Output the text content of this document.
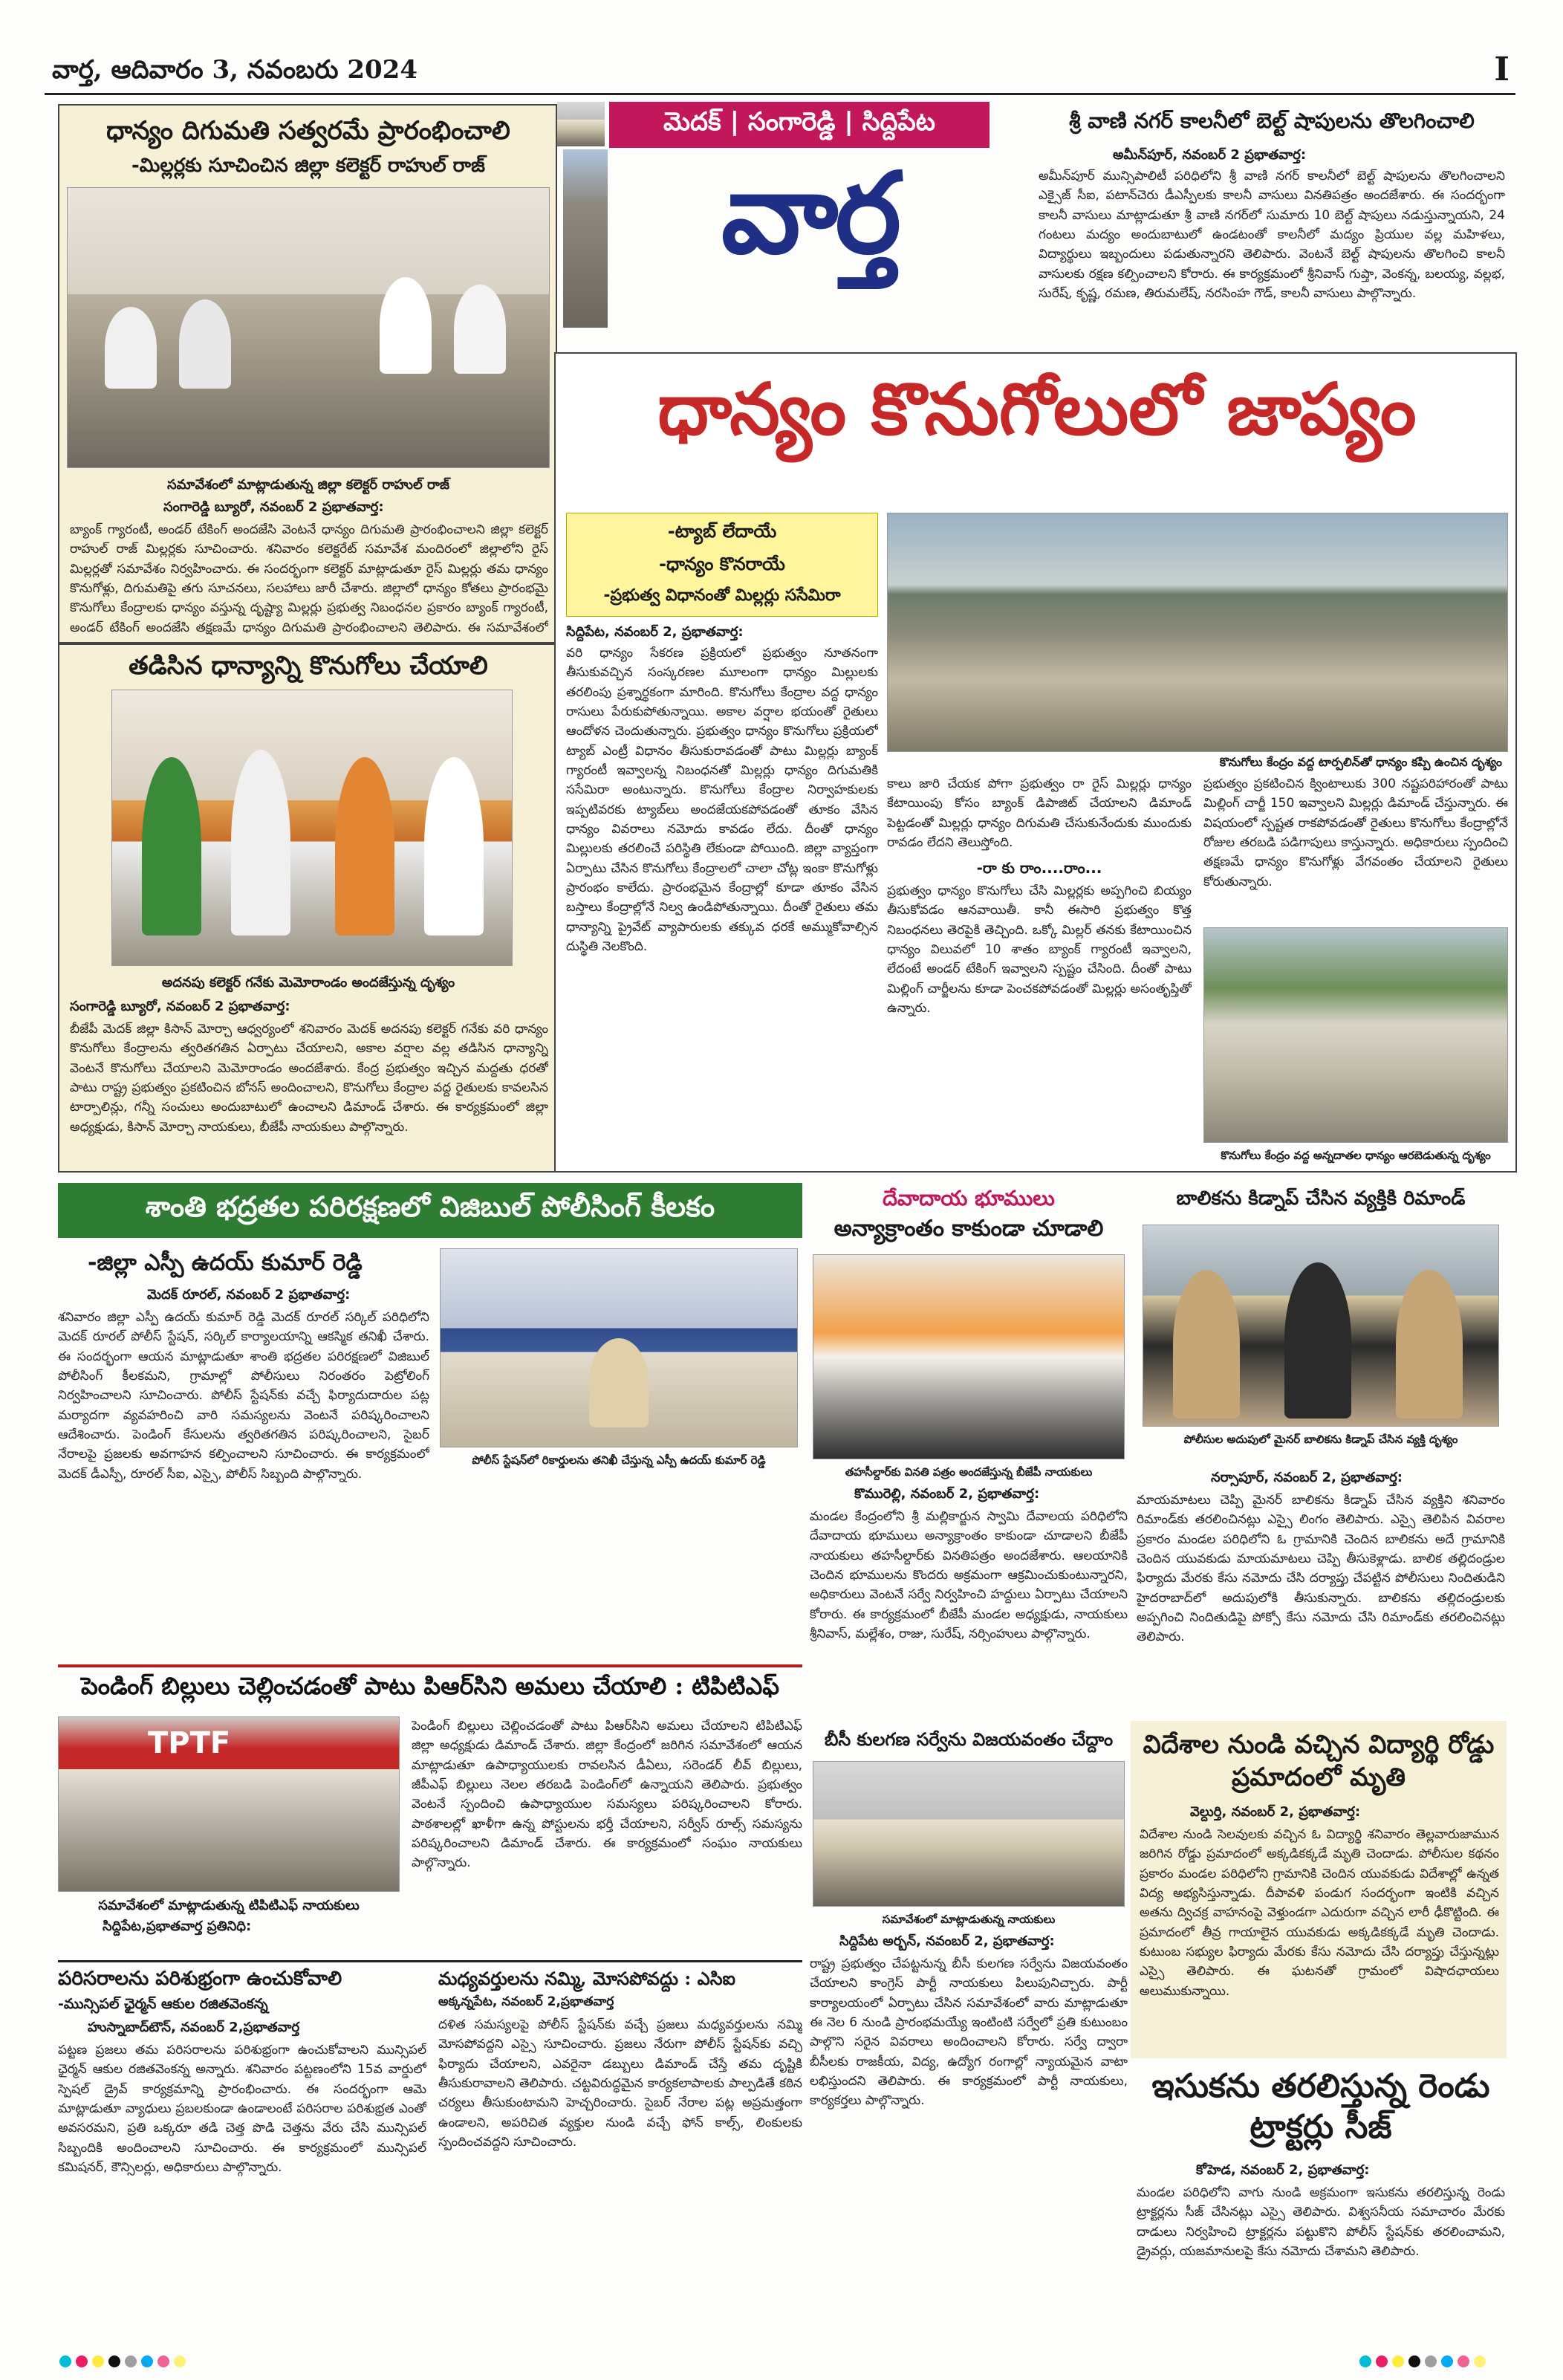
వార్త, ఆదివారం 3, నవంబరు 2024	I
ధాన్యం దిగుమతి సత్వరమే ప్రారంభించాలి
-మిల్లర్లకు సూచించిన జిల్లా కలెక్టర్ రాహుల్ రాజ్
సమావేశంలో మాట్లాడుతున్న జిల్లా కలెక్టర్ రాహుల్ రాజ్
సంగారెడ్డి బ్యూరో, నవంబర్ 2 ప్రభాతవార్త:
బ్యాంక్ గ్యారంటీ, అండర్ టేకింగ్ అందజేసి వెంటనే ధాన్యం దిగుమతి ప్రారంభించాలని జిల్లా కలెక్టర్ రాహుల్ రాజ్ మిల్లర్లకు సూచించారు. శనివారం కలెక్టరేట్ సమావేశ మందిరంలో జిల్లాలోని రైస్ మిల్లర్లతో సమావేశం నిర్వహించారు. ఈ సందర్భంగా కలెక్టర్ మాట్లాడుతూ రైస్ మిల్లర్లు తమ ధాన్యం కొనుగోళ్లు, దిగుమతిపై తగు సూచనలు, సలహాలు జారీ చేశారు. జిల్లాలో ధాన్యం కోతలు ప్రారంభమై కొనుగోలు కేంద్రాలకు ధాన్యం వస్తున్న దృష్ట్యా మిల్లర్లు ప్రభుత్వ నిబంధనల ప్రకారం బ్యాంక్ గ్యారంటీ, అండర్ టేకింగ్ అందజేసి తక్షణమే ధాన్యం దిగుమతి ప్రారంభించాలని తెలిపారు. ఈ సమావేశంలో
తడిసిన ధాన్యాన్ని కొనుగోలు చేయాలి
అదనపు కలెక్టర్ గనేకు మెమోరాండం అందజేస్తున్న దృశ్యం
సంగారెడ్డి బ్యూరో, నవంబర్ 2 ప్రభాతవార్త:
బీజేపీ మెదక్ జిల్లా కిసాన్ మోర్చా ఆధ్వర్యంలో శనివారం మెదక్ అదనపు కలెక్టర్ గనేకు వరి ధాన్యం కొనుగోలు కేంద్రాలను త్వరితగతిన ఏర్పాటు చేయాలని, అకాల వర్షాల వల్ల తడిసిన ధాన్యాన్ని వెంటనే కొనుగోలు చేయాలని మెమోరాండం అందజేశారు. కేంద్ర ప్రభుత్వం ఇచ్చిన మద్దతు ధరతో పాటు రాష్ట్ర ప్రభుత్వం ప్రకటించిన బోనస్ అందించాలని, కొనుగోలు కేంద్రాల వద్ద రైతులకు కావలసిన టార్పాలిన్లు, గన్నీ సంచులు అందుబాటులో ఉంచాలని డిమాండ్ చేశారు. ఈ కార్యక్రమంలో జిల్లా అధ్యక్షుడు, కిసాన్ మోర్చా నాయకులు, బీజేపీ నాయకులు పాల్గొన్నారు.
మెదక్ | సంగారెడ్డి | సిద్దిపేట
వార్త
శ్రీ వాణి నగర్ కాలనీలో బెల్ట్ షాపులను తొలగించాలి
అమీన్‌పూర్, నవంబర్ 2 ప్రభాతవార్త:
అమీన్‌పూర్ మున్సిపాలిటీ పరిధిలోని శ్రీ వాణి నగర్ కాలనీలో బెల్ట్ షాపులను తొలగించాలని ఎక్సైజ్ సీఐ, పటాన్‌చెరు డీఎస్పీలకు కాలనీ వాసులు వినతిపత్రం అందజేశారు. ఈ సందర్భంగా కాలనీ వాసులు మాట్లాడుతూ శ్రీ వాణి నగర్‌లో సుమారు 10 బెల్ట్ షాపులు నడుస్తున్నాయని, 24 గంటలు మద్యం అందుబాటులో ఉండటంతో కాలనీలో మద్యం ప్రియుల వల్ల మహిళలు, విద్యార్థులు ఇబ్బందులు పడుతున్నారని తెలిపారు. వెంటనే బెల్ట్ షాపులను తొలగించి కాలనీ వాసులకు రక్షణ కల్పించాలని కోరారు. ఈ కార్యక్రమంలో శ్రీనివాస్ గుప్తా, వెంకన్న, బలయ్య, వల్లభ, సురేష్, కృష్ణ, రమణ, తిరుమలేష్, నరసింహ గౌడ్, కాలనీ వాసులు పాల్గొన్నారు.
ధాన్యం కొనుగోలులో జాప్యం
-ట్యాబ్ లేదాయే
-ధాన్యం కొనరాయే
-ప్రభుత్వ విధానంతో మిల్లర్లు ససేమిరా
సిద్దిపేట, నవంబర్ 2, ప్రభాతవార్త:
వరి ధాన్యం సేకరణ ప్రక్రియలో ప్రభుత్వం నూతనంగా తీసుకువచ్చిన సంస్కరణల మూలంగా ధాన్యం మిల్లులకు తరలింపు ప్రశ్నార్థకంగా మారింది. కొనుగోలు కేంద్రాల వద్ద ధాన్యం రాసులు పేరుకుపోతున్నాయి. అకాల వర్షాల భయంతో రైతులు ఆందోళన చెందుతున్నారు. ప్రభుత్వం ధాన్యం కొనుగోలు ప్రక్రియలో ట్యాబ్ ఎంట్రీ విధానం తీసుకురావడంతో పాటు మిల్లర్లు బ్యాంక్ గ్యారంటీ ఇవ్వాలన్న నిబంధనతో మిల్లర్లు ధాన్యం దిగుమతికి ససేమిరా అంటున్నారు. కొనుగోలు కేంద్రాల నిర్వాహకులకు ఇప్పటివరకు ట్యాబ్‌లు అందజేయకపోవడంతో తూకం వేసిన ధాన్యం వివరాలు నమోదు కావడం లేదు. దీంతో ధాన్యం మిల్లులకు తరలించే పరిస్థితి లేకుండా పోయింది. జిల్లా వ్యాప్తంగా ఏర్పాటు చేసిన కొనుగోలు కేంద్రాలలో చాలా చోట్ల ఇంకా కొనుగోళ్లు ప్రారంభం కాలేదు. ప్రారంభమైన కేంద్రాల్లో కూడా తూకం వేసిన బస్తాలు కేంద్రాల్లోనే నిల్వ ఉండిపోతున్నాయి. దీంతో రైతులు తమ ధాన్యాన్ని ప్రైవేట్ వ్యాపారులకు తక్కువ ధరకే అమ్ముకోవాల్సిన దుస్థితి నెలకొంది.
కొనుగోలు కేంద్రం వద్ద టార్పలిన్‌తో ధాన్యం కప్పి ఉంచిన దృశ్యం
కాలు జారి చేయక పోగా ప్రభుత్వం రా రైస్ మిల్లర్లు ధాన్యం కేటాయింపు కోసం బ్యాంక్ డిపాజిట్ చేయాలని డిమాండ్ పెట్టడంతో మిల్లర్లు ధాన్యం దిగుమతి చేసుకునేందుకు ముందుకు రావడం లేదని తెలుస్తోంది.
-రా కు రాం....రాం...
ప్రభుత్వం ధాన్యం కొనుగోలు చేసి మిల్లర్లకు అప్పగించి బియ్యం తీసుకోవడం ఆనవాయితీ. కానీ ఈసారి ప్రభుత్వం కొత్త నిబంధనలు తెరపైకి తెచ్చింది. ఒక్కో మిల్లర్ తనకు కేటాయించిన ధాన్యం విలువలో 10 శాతం బ్యాంక్ గ్యారంటీ ఇవ్వాలని, లేదంటే అండర్ టేకింగ్ ఇవ్వాలని స్పష్టం చేసింది. దీంతో పాటు మిల్లింగ్ చార్జీలను కూడా పెంచకపోవడంతో మిల్లర్లు అసంతృప్తితో ఉన్నారు.
ప్రభుత్వం ప్రకటించిన క్వింటాలుకు 300 నష్టపరిహారంతో పాటు మిల్లింగ్ చార్జీ 150 ఇవ్వాలని మిల్లర్లు డిమాండ్ చేస్తున్నారు. ఈ విషయంలో స్పష్టత రాకపోవడంతో రైతులు కొనుగోలు కేంద్రాల్లోనే రోజుల తరబడి పడిగాపులు కాస్తున్నారు. అధికారులు స్పందించి తక్షణమే ధాన్యం కొనుగోళ్లు వేగవంతం చేయాలని రైతులు కోరుతున్నారు.
కొనుగోలు కేంద్రం వద్ద అన్నదాతల ధాన్యం ఆరబెడుతున్న దృశ్యం
శాంతి భద్రతల పరిరక్షణలో విజిబుల్ పోలీసింగ్ కీలకం
-జిల్లా ఎస్పీ ఉదయ్ కుమార్ రెడ్డి
మెదక్ రూరల్, నవంబర్ 2 ప్రభాతవార్త:
శనివారం జిల్లా ఎస్పీ ఉదయ్ కుమార్ రెడ్డి మెదక్ రూరల్ సర్కిల్ పరిధిలోని మెదక్ రూరల్ పోలీస్ స్టేషన్, సర్కిల్ కార్యాలయాన్ని ఆకస్మిక తనిఖీ చేశారు. ఈ సందర్భంగా ఆయన మాట్లాడుతూ శాంతి భద్రతల పరిరక్షణలో విజిబుల్ పోలీసింగ్ కీలకమని, గ్రామాల్లో పోలీసులు నిరంతరం పెట్రోలింగ్ నిర్వహించాలని సూచించారు. పోలీస్ స్టేషన్‌కు వచ్చే ఫిర్యాదుదారుల పట్ల మర్యాదగా వ్యవహరించి వారి సమస్యలను వెంటనే పరిష్కరించాలని ఆదేశించారు. పెండింగ్ కేసులను త్వరితగతిన పరిష్కరించాలని, సైబర్ నేరాలపై ప్రజలకు అవగాహన కల్పించాలని సూచించారు. ఈ కార్యక్రమంలో మెదక్ డీఎస్పీ, రూరల్ సీఐ, ఎస్సై, పోలీస్ సిబ్బంది పాల్గొన్నారు.
పోలీస్ స్టేషన్‌లో రికార్డులను తనిఖీ చేస్తున్న ఎస్పీ ఉదయ్ కుమార్ రెడ్డి
పెండింగ్ బిల్లులు చెల్లించడంతో పాటు పిఆర్‌సిని అమలు చేయాలి : టిపిటిఎఫ్
TPTF
సమావేశంలో మాట్లాడుతున్న టిపిటిఎఫ్ నాయకులు
సిద్దిపేట,ప్రభాతవార్త ప్రతినిధి:
పెండింగ్ బిల్లులు చెల్లించడంతో పాటు పిఆర్‌సిని అమలు చేయాలని టిపిటిఎఫ్ జిల్లా అధ్యక్షుడు డిమాండ్ చేశారు. జిల్లా కేంద్రంలో జరిగిన సమావేశంలో ఆయన మాట్లాడుతూ ఉపాధ్యాయులకు రావలసిన డీఏలు, సరెండర్ లీవ్ బిల్లులు, జీపీఎఫ్ బిల్లులు నెలల తరబడి పెండింగ్‌లో ఉన్నాయని తెలిపారు. ప్రభుత్వం వెంటనే స్పందించి ఉపాధ్యాయుల సమస్యలు పరిష్కరించాలని కోరారు. పాఠశాలల్లో ఖాళీగా ఉన్న పోస్టులను భర్తీ చేయాలని, సర్వీస్ రూల్స్ సమస్యను పరిష్కరించాలని డిమాండ్ చేశారు. ఈ కార్యక్రమంలో సంఘం నాయకులు పాల్గొన్నారు.
పరిసరాలను పరిశుభ్రంగా ఉంచుకోవాలి
-మున్సిపల్ ఛైర్మన్ ఆకుల రజితవెంకన్న
హుస్నాబాద్‌టౌన్, నవంబర్ 2,ప్రభాతవార్త
పట్టణ ప్రజలు తమ పరిసరాలను పరిశుభ్రంగా ఉంచుకోవాలని మున్సిపల్ ఛైర్మన్ ఆకుల రజితవెంకన్న అన్నారు. శనివారం పట్టణంలోని 15వ వార్డులో స్పెషల్ డ్రైవ్ కార్యక్రమాన్ని ప్రారంభించారు. ఈ సందర్భంగా ఆమె మాట్లాడుతూ వ్యాధులు ప్రబలకుండా ఉండాలంటే పరిసరాల పరిశుభ్రత ఎంతో అవసరమని, ప్రతి ఒక్కరూ తడి చెత్త పొడి చెత్తను వేరు చేసి మున్సిపల్ సిబ్బందికి అందించాలని సూచించారు. ఈ కార్యక్రమంలో మున్సిపల్ కమిషనర్, కౌన్సిలర్లు, అధికారులు పాల్గొన్నారు.
మధ్యవర్తులను నమ్మి, మోసపోవద్దు : ఎసిఐ
అక్కన్నపేట, నవంబర్ 2,ప్రభాతవార్త
దళిత సమస్యలపై పోలీస్ స్టేషన్‌కు వచ్చే ప్రజలు మధ్యవర్తులను నమ్మి మోసపోవద్దని ఎస్సై సూచించారు. ప్రజలు నేరుగా పోలీస్ స్టేషన్‌కు వచ్చి ఫిర్యాదు చేయాలని, ఎవరైనా డబ్బులు డిమాండ్ చేస్తే తమ దృష్టికి తీసుకురావాలని తెలిపారు. చట్టవిరుద్ధమైన కార్యకలాపాలకు పాల్పడితే కఠిన చర్యలు తీసుకుంటామని హెచ్చరించారు. సైబర్ నేరాల పట్ల అప్రమత్తంగా ఉండాలని, అపరిచిత వ్యక్తుల నుండి వచ్చే ఫోన్ కాల్స్, లింకులకు స్పందించవద్దని సూచించారు.
దేవాదాయ భూములు
అన్యాక్రాంతం కాకుండా చూడాలి
తహసీల్దార్‌కు వినతి పత్రం అందజేస్తున్న బీజేపీ నాయకులు
కొమురెల్లి, నవంబర్ 2, ప్రభాతవార్త:
మండల కేంద్రంలోని శ్రీ మల్లికార్జున స్వామి దేవాలయ పరిధిలోని దేవాదాయ భూములు అన్యాక్రాంతం కాకుండా చూడాలని బీజేపీ నాయకులు తహసీల్దార్‌కు వినతిపత్రం అందజేశారు. ఆలయానికి చెందిన భూములను కొందరు అక్రమంగా ఆక్రమించుకుంటున్నారని, అధికారులు వెంటనే సర్వే నిర్వహించి హద్దులు ఏర్పాటు చేయాలని కోరారు. ఈ కార్యక్రమంలో బీజేపీ మండల అధ్యక్షుడు, నాయకులు శ్రీనివాస్, మల్లేశం, రాజు, సురేష్, నర్సింహులు పాల్గొన్నారు.
బీసీ కులగణ సర్వేను విజయవంతం చేద్దాం
సమావేశంలో మాట్లాడుతున్న నాయకులు
సిద్దిపేట అర్బన్, నవంబర్ 2, ప్రభాతవార్త:
రాష్ట్ర ప్రభుత్వం చేపట్టనున్న బీసీ కులగణ సర్వేను విజయవంతం చేయాలని కాంగ్రెస్ పార్టీ నాయకులు పిలుపునిచ్చారు. పార్టీ కార్యాలయంలో ఏర్పాటు చేసిన సమావేశంలో వారు మాట్లాడుతూ ఈ నెల 6 నుండి ప్రారంభమయ్యే ఇంటింటి సర్వేలో ప్రతి కుటుంబం పాల్గొని సరైన వివరాలు అందించాలని కోరారు. సర్వే ద్వారా బీసీలకు రాజకీయ, విద్య, ఉద్యోగ రంగాల్లో న్యాయమైన వాటా లభిస్తుందని తెలిపారు. ఈ కార్యక్రమంలో పార్టీ నాయకులు, కార్యకర్తలు పాల్గొన్నారు.
బాలికను కిడ్నాప్ చేసిన వ్యక్తికి రిమాండ్
పోలీసుల అదుపులో మైనర్ బాలికను కిడ్నాప్ చేసిన వ్యక్తి దృశ్యం
నర్సాపూర్, నవంబర్ 2, ప్రభాతవార్త:
మాయమాటలు చెప్పి మైనర్ బాలికను కిడ్నాప్ చేసిన వ్యక్తిని శనివారం రిమాండ్‌కు తరలించినట్లు ఎస్సై లింగం తెలిపారు. ఎస్సై తెలిపిన వివరాల ప్రకారం మండల పరిధిలోని ఓ గ్రామానికి చెందిన బాలికను అదే గ్రామానికి చెందిన యువకుడు మాయమాటలు చెప్పి తీసుకెళ్లాడు. బాలిక తల్లిదండ్రుల ఫిర్యాదు మేరకు కేసు నమోదు చేసి దర్యాప్తు చేపట్టిన పోలీసులు నిందితుడిని హైదరాబాద్‌లో అదుపులోకి తీసుకున్నారు. బాలికను తల్లిదండ్రులకు అప్పగించి నిందితుడిపై పోక్సో కేసు నమోదు చేసి రిమాండ్‌కు తరలించినట్లు తెలిపారు.
విదేశాల నుండి వచ్చిన విద్యార్థి రోడ్డు ప్రమాదంలో మృతి
వెల్దుర్తి, నవంబర్ 2, ప్రభాతవార్త:
విదేశాల నుండి సెలవులకు వచ్చిన ఓ విద్యార్థి శనివారం తెల్లవారుజామున జరిగిన రోడ్డు ప్రమాదంలో అక్కడికక్కడే మృతి చెందాడు. పోలీసుల కథనం ప్రకారం మండల పరిధిలోని గ్రామానికి చెందిన యువకుడు విదేశాల్లో ఉన్నత విద్య అభ్యసిస్తున్నాడు. దీపావళి పండుగ సందర్భంగా ఇంటికి వచ్చిన అతను ద్విచక్ర వాహనంపై వెళ్తుండగా ఎదురుగా వచ్చిన లారీ ఢీకొట్టింది. ఈ ప్రమాదంలో తీవ్ర గాయాలైన యువకుడు అక్కడికక్కడే మృతి చెందాడు. కుటుంబ సభ్యుల ఫిర్యాదు మేరకు కేసు నమోదు చేసి దర్యాప్తు చేస్తున్నట్లు ఎస్సై తెలిపారు. ఈ ఘటనతో గ్రామంలో విషాదఛాయలు అలుముకున్నాయి.
ఇసుకను తరలిస్తున్న రెండు ట్రాక్టర్లు సీజ్
కోహెడ, నవంబర్ 2, ప్రభాతవార్త:
మండల పరిధిలోని వాగు నుండి అక్రమంగా ఇసుకను తరలిస్తున్న రెండు ట్రాక్టర్లను సీజ్ చేసినట్లు ఎస్సై తెలిపారు. విశ్వసనీయ సమాచారం మేరకు దాడులు నిర్వహించి ట్రాక్టర్లను పట్టుకొని పోలీస్ స్టేషన్‌కు తరలించామని, డ్రైవర్లు, యజమానులపై కేసు నమోదు చేశామని తెలిపారు.
